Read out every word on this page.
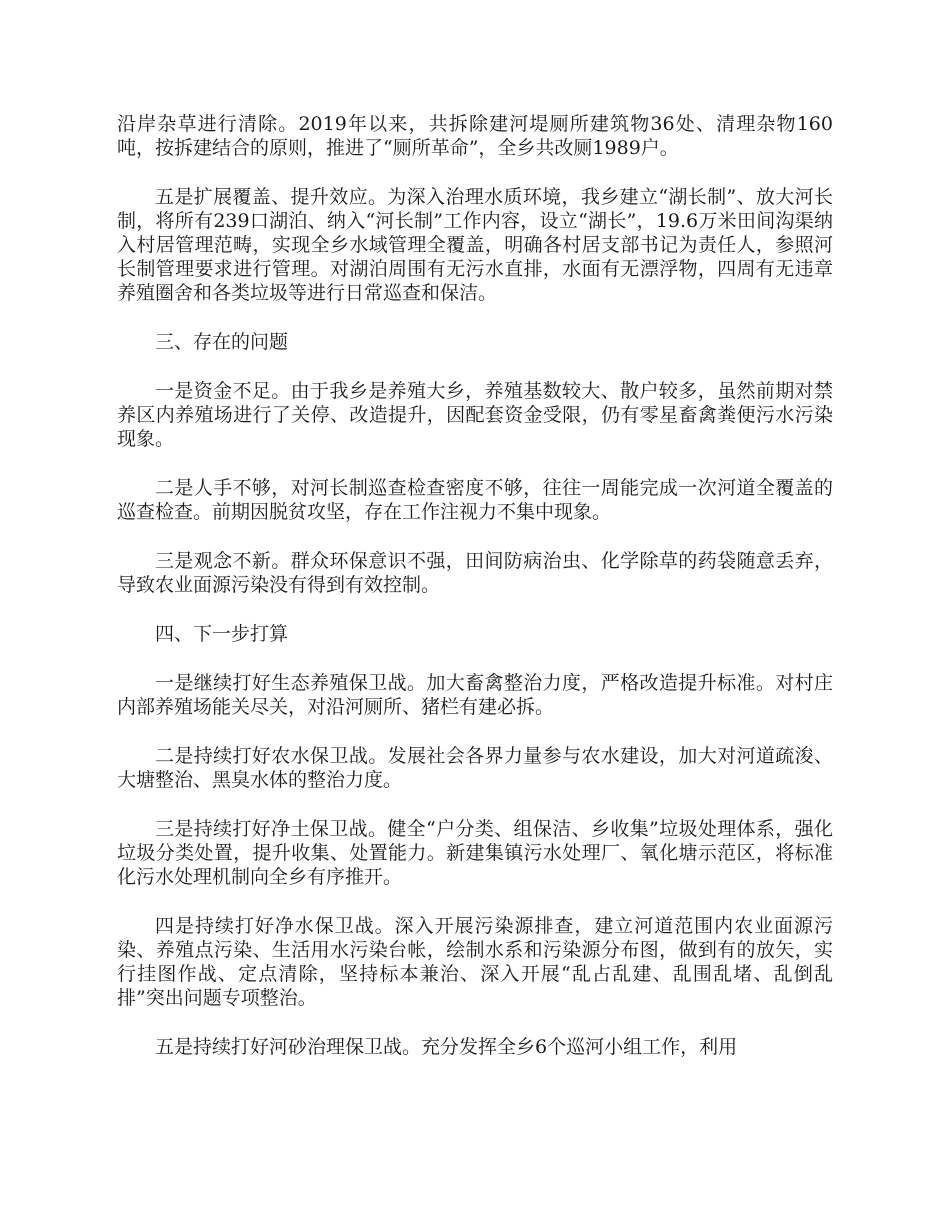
沿岸杂草进行清除。2019年以来，共拆除建河堤厕所建筑物36处、清理杂物160吨，按拆建结合的原则，推进了“厕所革命”，全乡共改厕1989户。

五是扩展覆盖、提升效应。为深入治理水质环境，我乡建立“湖长制”、放大河长制，将所有239口湖泊、纳入“河长制”工作内容，设立“湖长”，19.6万米田间沟渠纳入村居管理范畴，实现全乡水域管理全覆盖，明确各村居支部书记为责任人，参照河长制管理要求进行管理。对湖泊周围有无污水直排，水面有无漂浮物，四周有无违章养殖圈舍和各类垃圾等进行日常巡查和保洁。

三、存在的问题

一是资金不足。由于我乡是养殖大乡，养殖基数较大、散户较多，虽然前期对禁养区内养殖场进行了关停、改造提升，因配套资金受限，仍有零星畜禽粪便污水污染现象。

二是人手不够，对河长制巡查检查密度不够，往往一周能完成一次河道全覆盖的巡查检查。前期因脱贫攻坚，存在工作注视力不集中现象。

三是观念不新。群众环保意识不强，田间防病治虫、化学除草的药袋随意丢弃，导致农业面源污染没有得到有效控制。

四、下一步打算

一是继续打好生态养殖保卫战。加大畜禽整治力度，严格改造提升标准。对村庄内部养殖场能关尽关，对沿河厕所、猪栏有建必拆。

二是持续打好农水保卫战。发展社会各界力量参与农水建设，加大对河道疏浚、大塘整治、黑臭水体的整治力度。

三是持续打好净土保卫战。健全“户分类、组保洁、乡收集”垃圾处理体系，强化垃圾分类处置，提升收集、处置能力。新建集镇污水处理厂、氧化塘示范区，将标准化污水处理机制向全乡有序推开。

四是持续打好净水保卫战。深入开展污染源排查，建立河道范围内农业面源污染、养殖点污染、生活用水污染台帐，绘制水系和污染源分布图，做到有的放矢，实行挂图作战、定点清除，坚持标本兼治、深入开展“乱占乱建、乱围乱堵、乱倒乱排”突出问题专项整治。

五是持续打好河砂治理保卫战。充分发挥全乡6个巡河小组工作，利用
